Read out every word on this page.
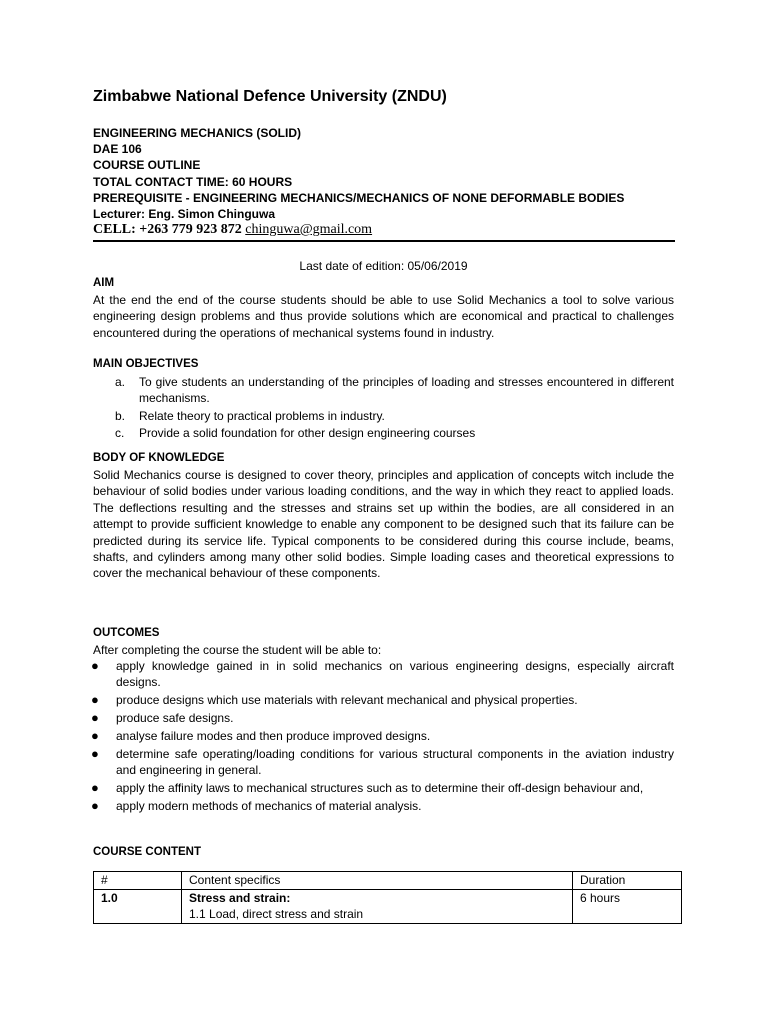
Zimbabwe National Defence University (ZNDU)
ENGINEERING MECHANICS (SOLID)
DAE 106
COURSE OUTLINE
TOTAL CONTACT TIME: 60 HOURS
PREREQUISITE - ENGINEERING MECHANICS/MECHANICS OF NONE DEFORMABLE BODIES
Lecturer: Eng. Simon Chinguwa
CELL: +263 779 923 872 chinguwa@gmail.com
Last date of edition: 05/06/2019
AIM
At the end the end of the course students should be able to use Solid Mechanics a tool to solve various engineering design problems and thus provide solutions which are economical and practical to challenges encountered during the operations of mechanical systems found in industry.
MAIN OBJECTIVES
a. To give students an understanding of the principles of loading and stresses encountered in different mechanisms.
b. Relate theory to practical problems in industry.
c. Provide a solid foundation for other design engineering courses
BODY OF KNOWLEDGE
Solid Mechanics course is designed to cover theory, principles and application of concepts witch include the behaviour of solid bodies under various loading conditions, and the way in which they react to applied loads. The deflections resulting and the stresses and strains set up within the bodies, are all considered in an attempt to provide sufficient knowledge to enable any component to be designed such that its failure can be predicted during its service life. Typical components to be considered during this course include, beams, shafts, and cylinders among many other solid bodies. Simple loading cases and theoretical expressions to cover the mechanical behaviour of these components.
OUTCOMES
After completing the course the student will be able to:
● apply knowledge gained in in solid mechanics on various engineering designs, especially aircraft designs.
● produce designs which use materials with relevant mechanical and physical properties.
● produce safe designs.
● analyse failure modes and then produce improved designs.
● determine safe operating/loading conditions for various structural components in the aviation industry and engineering in general.
● apply the affinity laws to mechanical structures such as to determine their off-design behaviour and,
● apply modern methods of mechanics of material analysis.
COURSE CONTENT
#	Content specifics	Duration
1.0	Stress and strain:
1.1 Load, direct stress and strain	6 hours
